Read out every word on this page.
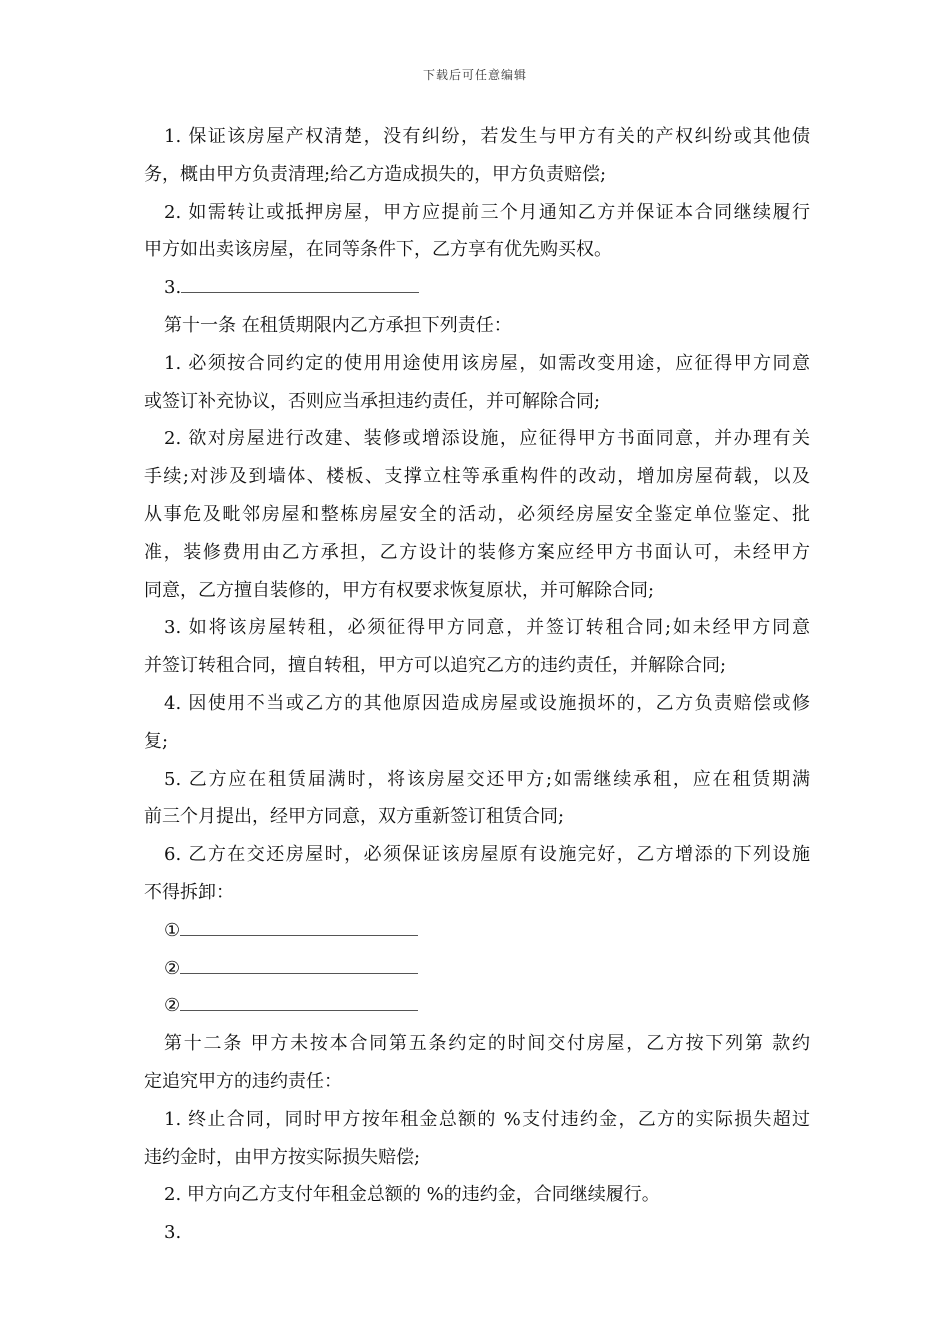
下载后可任意编辑
1. 保证该房屋产权清楚，没有纠纷，若发生与甲方有关的产权纠纷或其他债
务，概由甲方负责清理;给乙方造成损失的，甲方负责赔偿;
2. 如需转让或抵押房屋，甲方应提前三个月通知乙方并保证本合同继续履行
甲方如出卖该房屋，在同等条件下，乙方享有优先购买权。
3.
第十一条 在租赁期限内乙方承担下列责任：
1. 必须按合同约定的使用用途使用该房屋，如需改变用途，应征得甲方同意
或签订补充协议，否则应当承担违约责任，并可解除合同;
2. 欲对房屋进行改建、装修或增添设施，应征得甲方书面同意，并办理有关
手续;对涉及到墙体、楼板、支撑立柱等承重构件的改动，增加房屋荷载，以及
从事危及毗邻房屋和整栋房屋安全的活动，必须经房屋安全鉴定单位鉴定、批
准，装修费用由乙方承担，乙方设计的装修方案应经甲方书面认可，未经甲方
同意，乙方擅自装修的，甲方有权要求恢复原状，并可解除合同;
3. 如将该房屋转租，必须征得甲方同意，并签订转租合同;如未经甲方同意
并签订转租合同，擅自转租，甲方可以追究乙方的违约责任，并解除合同;
4. 因使用不当或乙方的其他原因造成房屋或设施损坏的，乙方负责赔偿或修
复;
5. 乙方应在租赁届满时，将该房屋交还甲方;如需继续承租，应在租赁期满
前三个月提出，经甲方同意，双方重新签订租赁合同;
6. 乙方在交还房屋时，必须保证该房屋原有设施完好，乙方增添的下列设施
不得拆卸：
①
②
②
第十二条 甲方未按本合同第五条约定的时间交付房屋，乙方按下列第 款约
定追究甲方的违约责任：
1. 终止合同，同时甲方按年租金总额的 %支付违约金，乙方的实际损失超过
违约金时，由甲方按实际损失赔偿;
2. 甲方向乙方支付年租金总额的 %的违约金，合同继续履行。
3.
